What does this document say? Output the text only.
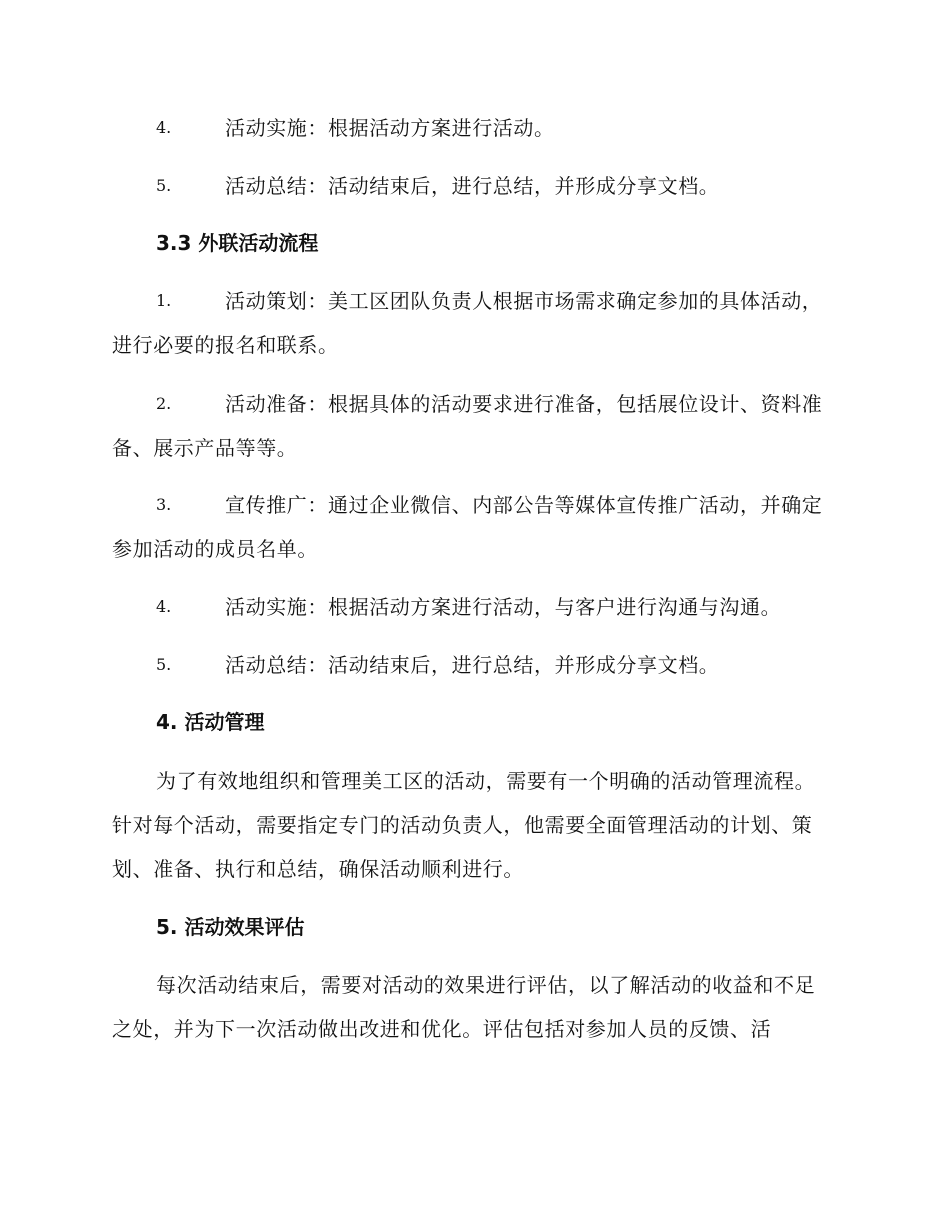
4.	活动实施：根据活动方案进行活动。
5.	活动总结：活动结束后，进行总结，并形成分享文档。
3.3 外联活动流程
1.	活动策划：美工区团队负责人根据市场需求确定参加的具体活动，进行必要的报名和联系。
2.	活动准备：根据具体的活动要求进行准备，包括展位设计、资料准备、展示产品等等。
3.	宣传推广：通过企业微信、内部公告等媒体宣传推广活动，并确定参加活动的成员名单。
4.	活动实施：根据活动方案进行活动，与客户进行沟通与沟通。
5.	活动总结：活动结束后，进行总结，并形成分享文档。
4. 活动管理
为了有效地组织和管理美工区的活动，需要有一个明确的活动管理流程。针对每个活动，需要指定专门的活动负责人，他需要全面管理活动的计划、策划、准备、执行和总结，确保活动顺利进行。
5. 活动效果评估
每次活动结束后，需要对活动的效果进行评估，以了解活动的收益和不足之处，并为下一次活动做出改进和优化。评估包括对参加人员的反馈、活
